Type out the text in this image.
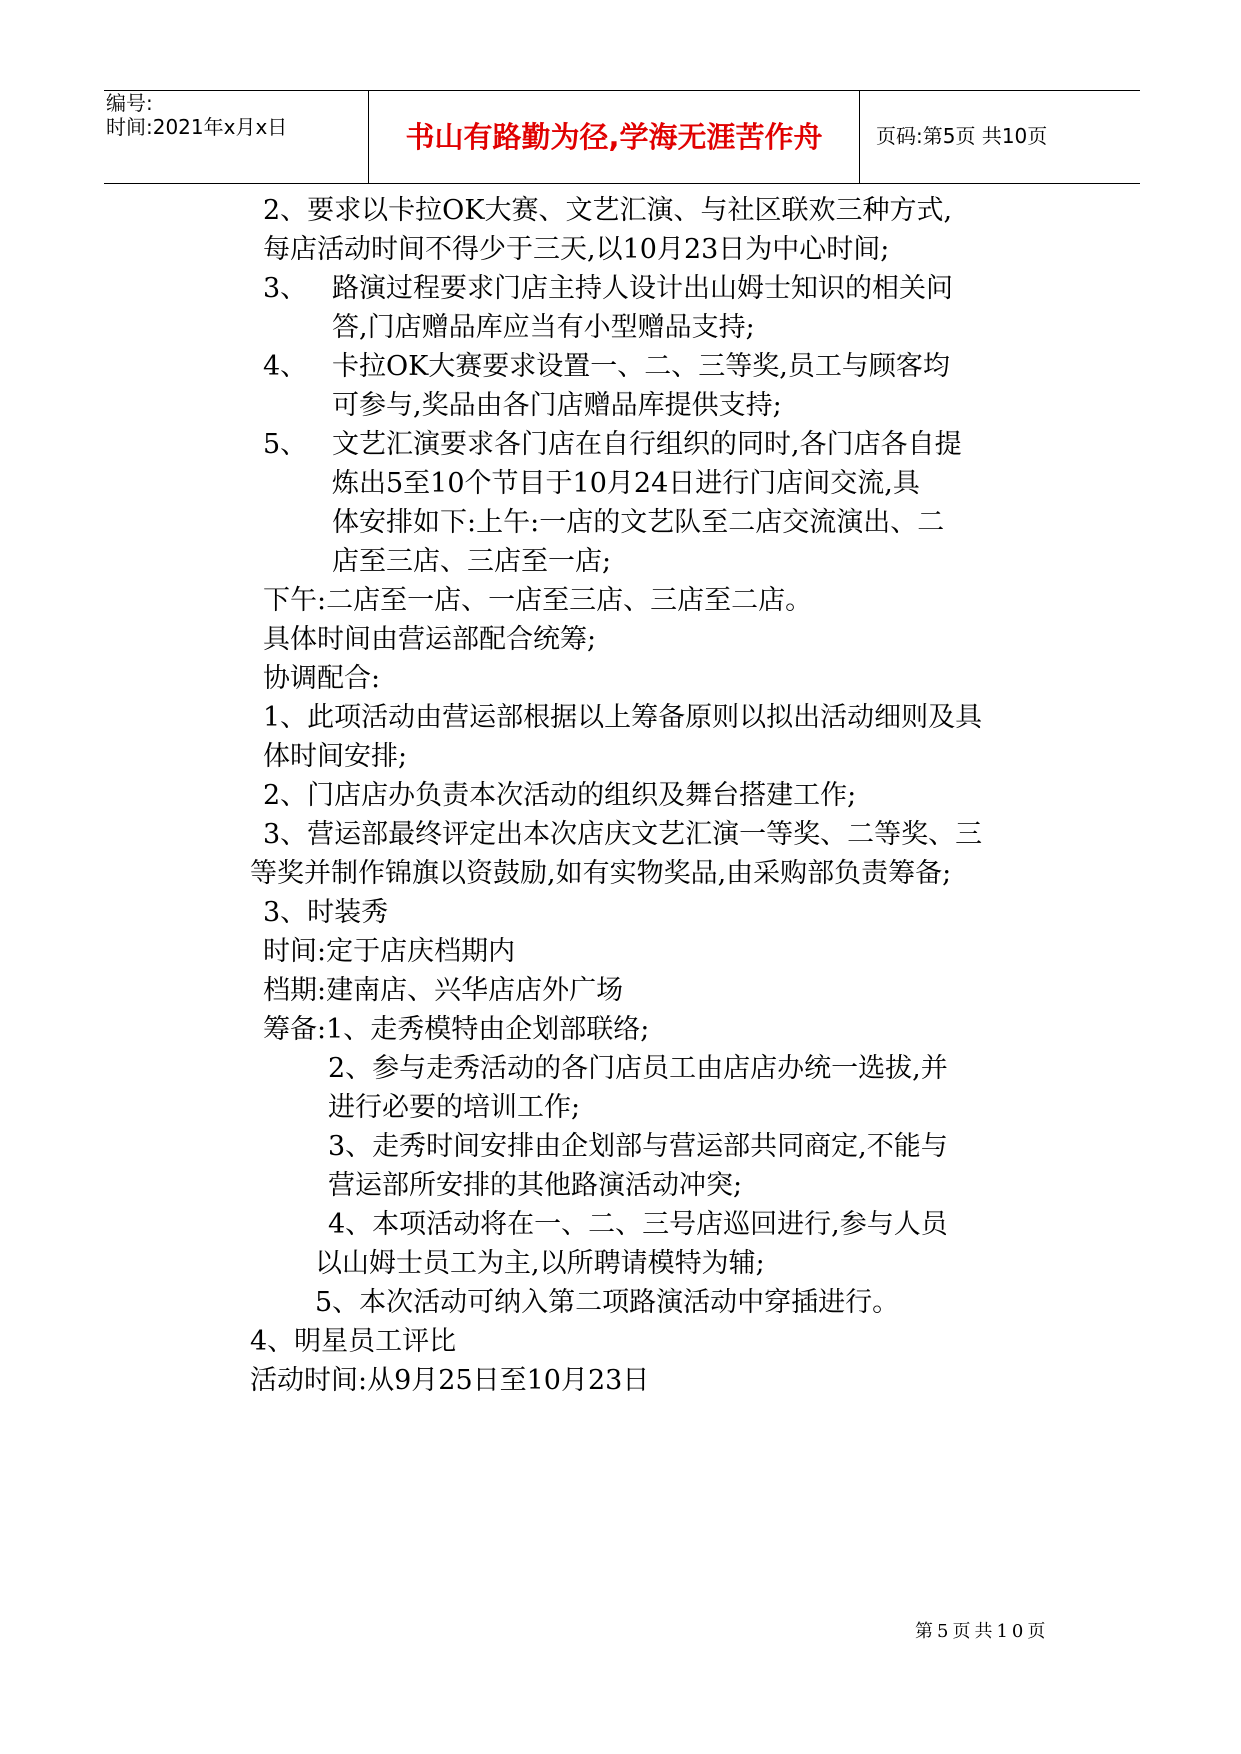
编号:
时间:2021年x月x日	书山有路勤为径,学海无涯苦作舟	页码:第5页 共10页
2、要求以卡拉OK大赛、文艺汇演、与社区联欢三种方式,
每店活动时间不得少于三天,以10月23日为中心时间;
3、 路演过程要求门店主持人设计出山姆士知识的相关问
答,门店赠品库应当有小型赠品支持;
4、 卡拉OK大赛要求设置一、二、三等奖,员工与顾客均
可参与,奖品由各门店赠品库提供支持;
5、 文艺汇演要求各门店在自行组织的同时,各门店各自提
炼出5至10个节目于10月24日进行门店间交流,具
体安排如下:上午:一店的文艺队至二店交流演出、二
店至三店、三店至一店;
下午:二店至一店、一店至三店、三店至二店。
具体时间由营运部配合统筹;
协调配合:
1、此项活动由营运部根据以上筹备原则以拟出活动细则及具
体时间安排;
2、门店店办负责本次活动的组织及舞台搭建工作;
3、营运部最终评定出本次店庆文艺汇演一等奖、二等奖、三
等奖并制作锦旗以资鼓励,如有实物奖品,由采购部负责筹备;
3、时装秀
时间:定于店庆档期内
档期:建南店、兴华店店外广场
筹备:1、走秀模特由企划部联络;
2、参与走秀活动的各门店员工由店店办统一选拔,并
进行必要的培训工作;
3、走秀时间安排由企划部与营运部共同商定,不能与
营运部所安排的其他路演活动冲突;
4、本项活动将在一、二、三号店巡回进行,参与人员
以山姆士员工为主,以所聘请模特为辅;
5、本次活动可纳入第二项路演活动中穿插进行。
4、明星员工评比
活动时间:从9月25日至10月23日
第5页共10页
